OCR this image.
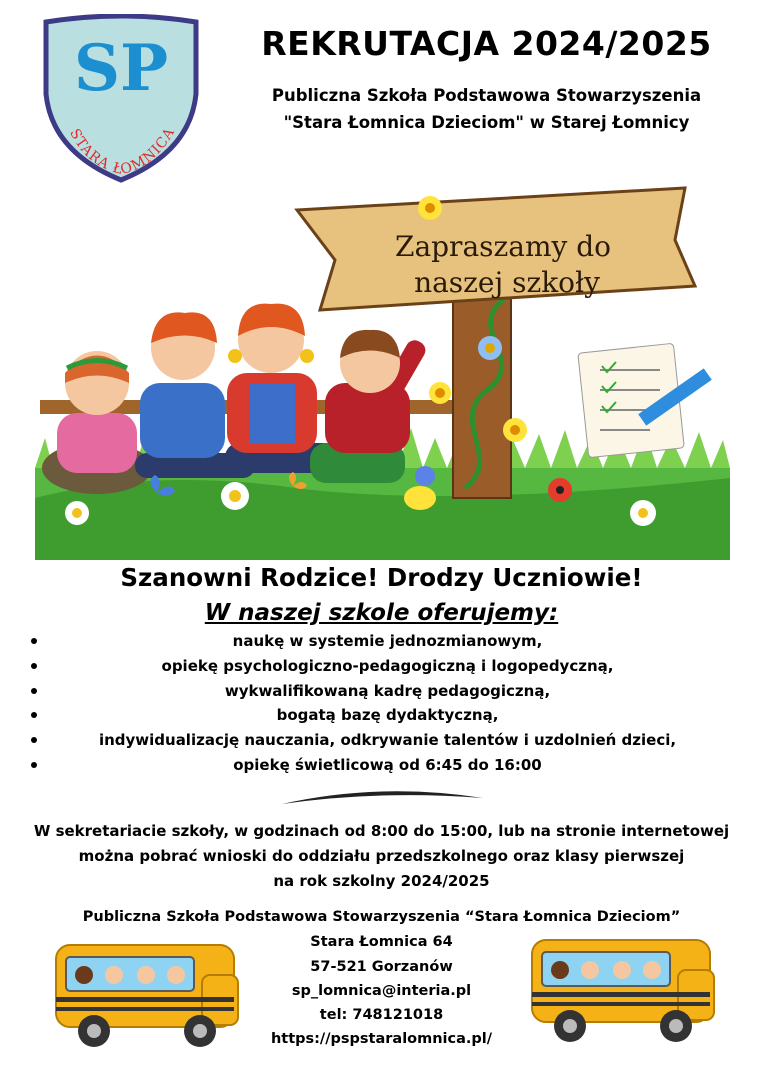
SP
STARA ŁOMNICA
REKRUTACJA 2024/2025
Publiczna Szkoła Podstawowa Stowarzyszenia
"Stara Łomnica Dzieciom" w Starej Łomnicy
Zapraszamy do
naszej szkoły
Szanowni Rodzice! Drodzy Uczniowie!
W naszej szkole oferujemy:
naukę w systemie jednozmianowym,
opiekę psychologiczno-pedagogiczną i logopedyczną,
wykwalifikowaną kadrę pedagogiczną,
bogatą bazę dydaktyczną,
indywidualizację nauczania, odkrywanie talentów i uzdolnień dzieci,
opiekę świetlicową od 6:45 do 16:00
W sekretariacie szkoły, w godzinach od 8:00 do 15:00, lub na stronie internetowej
można pobrać wnioski do oddziału przedszkolnego oraz klasy pierwszej
na rok szkolny 2024/2025
Publiczna Szkoła Podstawowa Stowarzyszenia “Stara Łomnica Dzieciom”
Stara Łomnica 64
57-521 Gorzanów
sp_lomnica@interia.pl
tel: 748121018
https://pspstaralomnica.pl/
